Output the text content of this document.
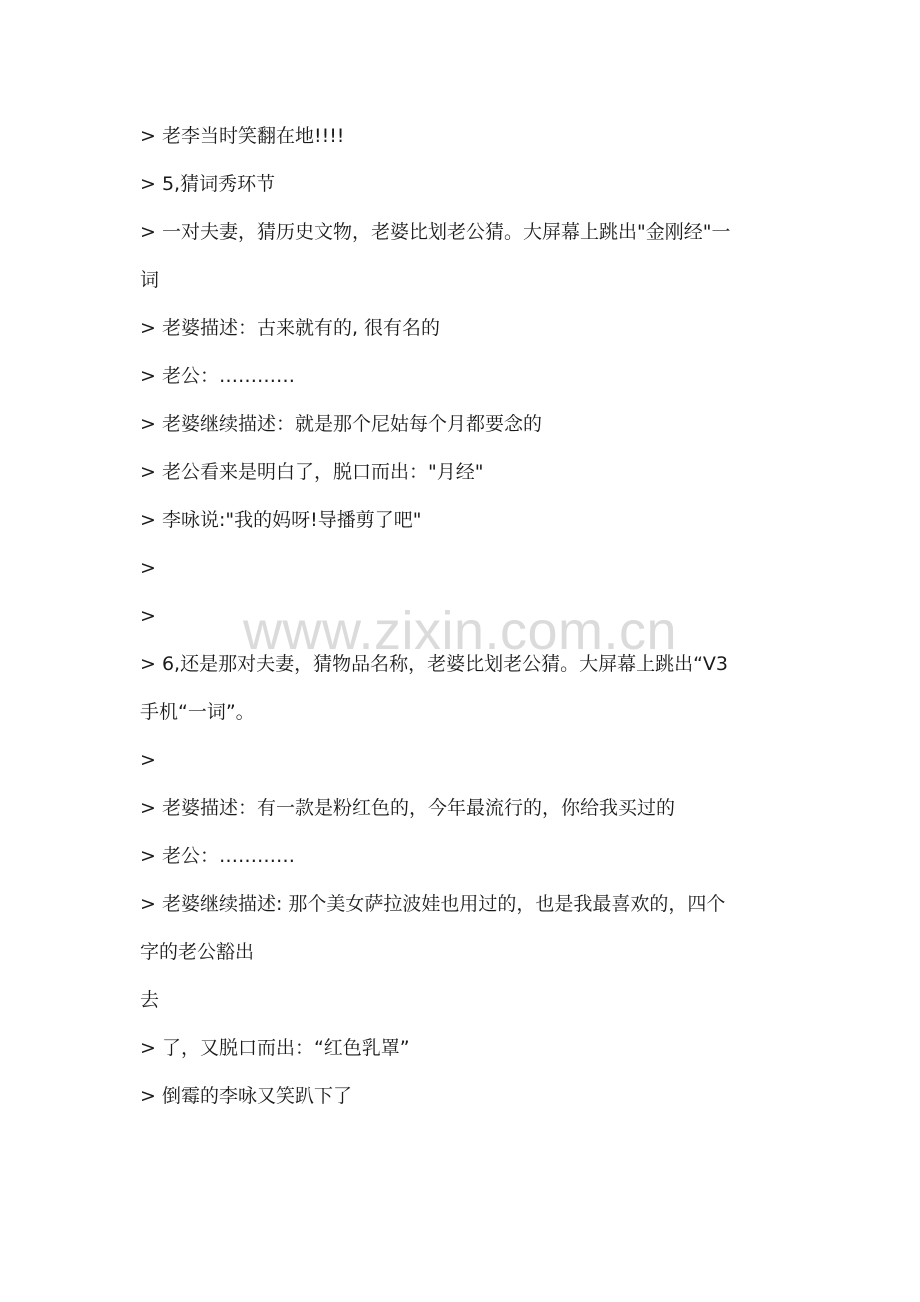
> 老李当时笑翻在地!!!!
> 5,猜词秀环节
> 一对夫妻，猜历史文物，老婆比划老公猜。大屏幕上跳出"金刚经"一
词
> 老婆描述：古来就有的, 很有名的
> 老公：…………
> 老婆继续描述：就是那个尼姑每个月都要念的
> 老公看来是明白了，脱口而出："月经"
> 李咏说:"我的妈呀!导播剪了吧"
>
>
> 6,还是那对夫妻，猜物品名称，老婆比划老公猜。大屏幕上跳出“V3
手机“一词”。
>
> 老婆描述：有一款是粉红色的，今年最流行的，你给我买过的
> 老公：…………
> 老婆继续描述: 那个美女萨拉波娃也用过的，也是我最喜欢的，四个
字的老公豁出
去
> 了，又脱口而出：“红色乳罩”
> 倒霉的李咏又笑趴下了
www.zixin.com.cn
